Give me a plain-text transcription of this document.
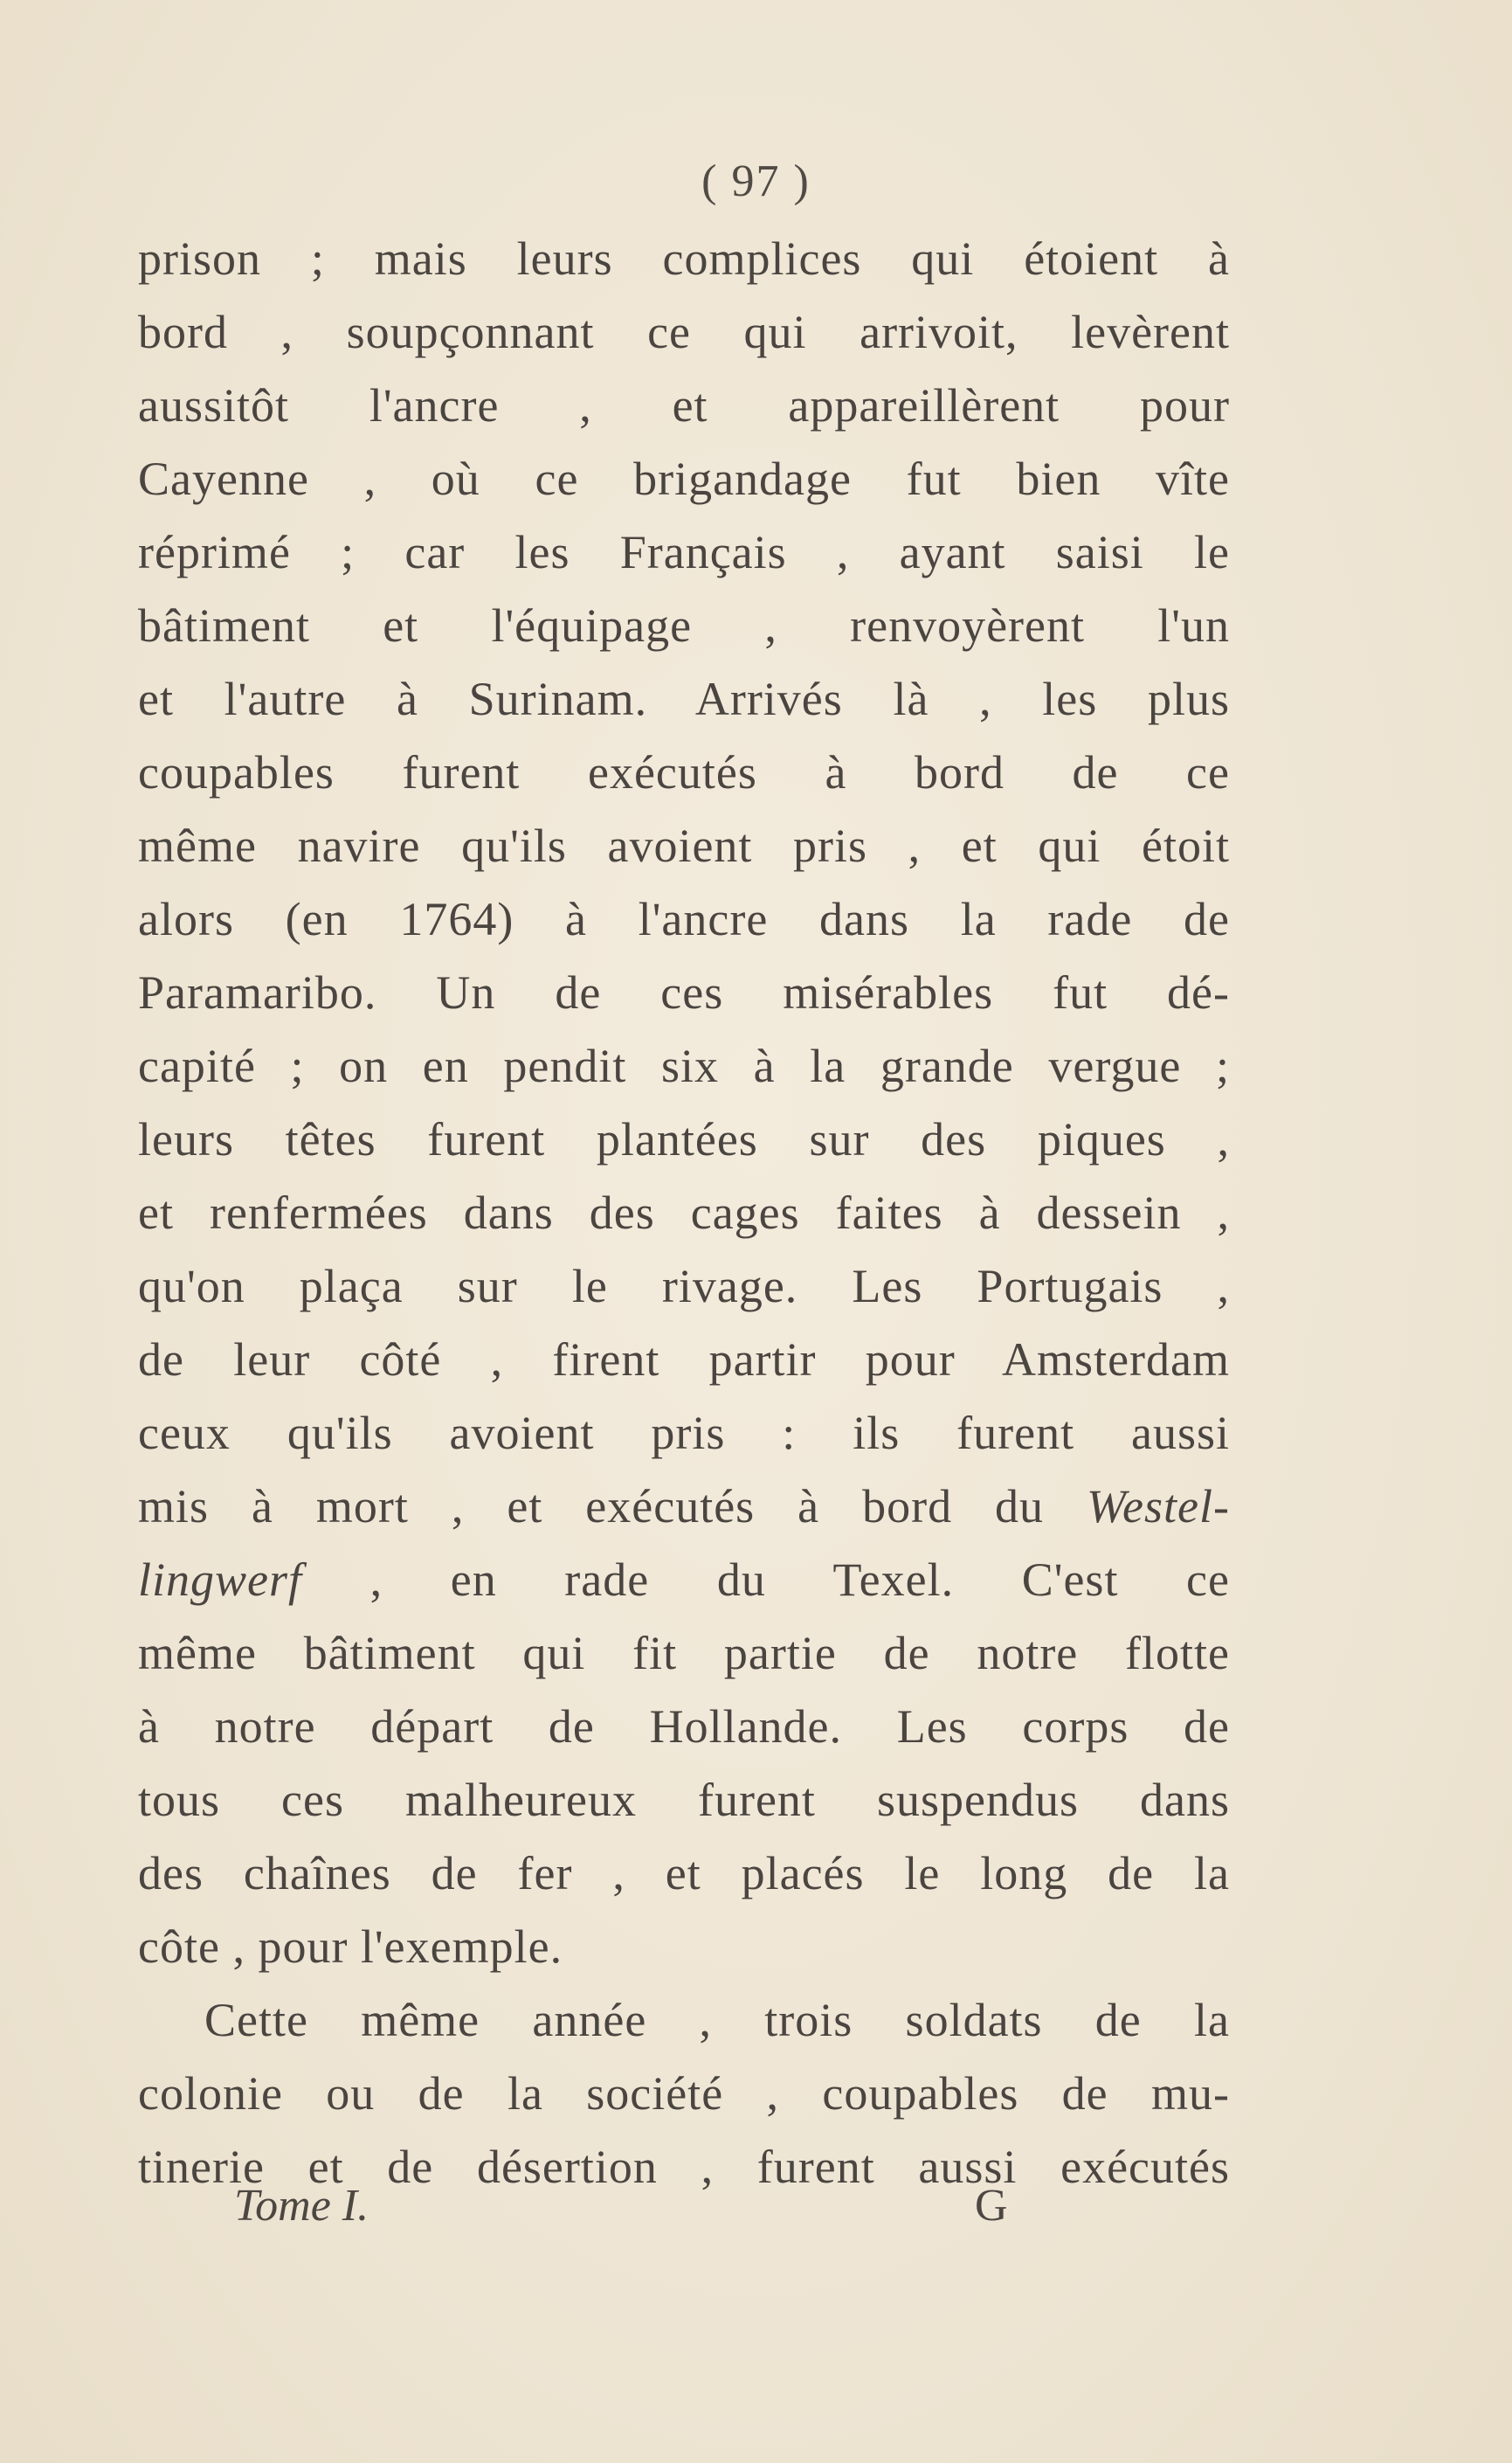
( 97 )
prison ; mais leurs complices qui étoient à
bord , soupçonnant ce qui arrivoit, levèrent
aussitôt l'ancre , et appareillèrent pour
Cayenne , où ce brigandage fut bien vîte
réprimé ; car les Français , ayant saisi le
bâtiment et l'équipage , renvoyèrent l'un
et l'autre à Surinam. Arrivés là , les plus
coupables furent exécutés à bord de ce
même navire qu'ils avoient pris , et qui étoit
alors (en 1764) à l'ancre dans la rade de
Paramaribo. Un de ces misérables fut dé-
capité ; on en pendit six à la grande vergue ;
leurs têtes furent plantées sur des piques ,
et renfermées dans des cages faites à dessein ,
qu'on plaça sur le rivage. Les Portugais ,
de leur côté , firent partir pour Amsterdam
ceux qu'ils avoient pris : ils furent aussi
mis à mort , et exécutés à bord du Westel-
lingwerf , en rade du Texel. C'est ce
même bâtiment qui fit partie de notre flotte
à notre départ de Hollande. Les corps de
tous ces malheureux furent suspendus dans
des chaînes de fer , et placés le long de la
côte , pour l'exemple.
Cette même année , trois soldats de la
colonie ou de la société , coupables de mu-
tinerie et de désertion , furent aussi exécutés
Tome I.	G
